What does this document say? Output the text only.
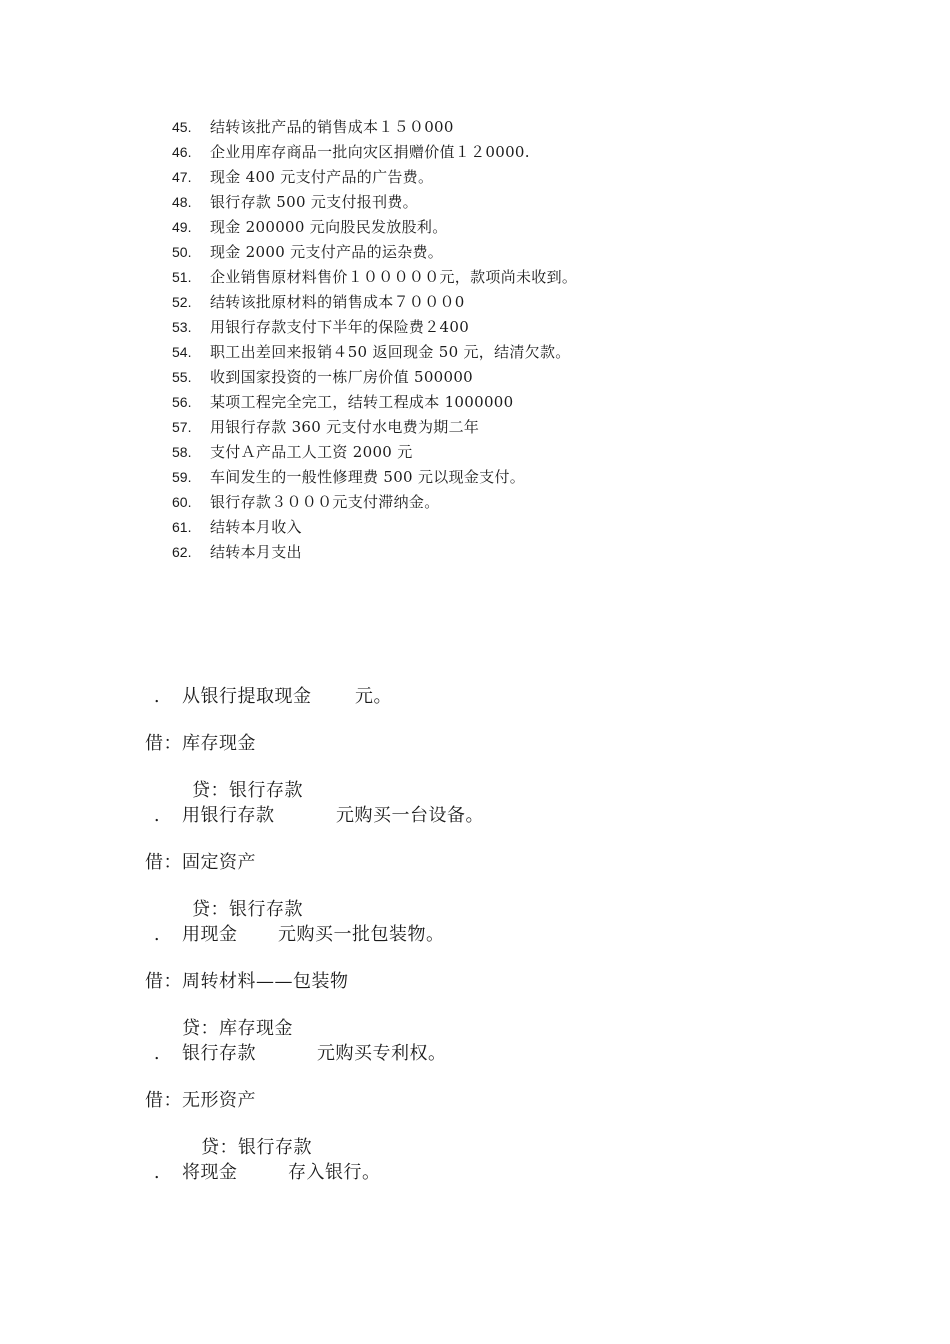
45. 结转该批产品的销售成本１５０000
46. 企业用库存商品一批向灾区捐赠价值１２0000.
47. 现金 400 元支付产品的广告费。
48. 银行存款 500 元支付报刊费。
49. 现金 200000 元向股民发放股利。
50. 现金 2000 元支付产品的运杂费。
51. 企业销售原材料售价１０００００元，款项尚未收到。
52. 结转该批原材料的销售成本７０００0
53. 用银行存款支付下半年的保险费２400
54. 职工出差回来报销４50 返回现金 50 元，结清欠款。
55. 收到国家投资的一栋厂房价值 500000
56. 某项工程完全完工，结转工程成本 1000000
57. 用银行存款 360 元支付水电费为期二年
58. 支付Ａ产品工人工资 2000 元
59. 车间发生的一般性修理费 500 元以现金支付。
60. 银行存款３０００元支付滞纳金。
61. 结转本月收入
62. 结转本月支出
. 从银行提取现金 元。
借：库存现金
贷：银行存款
. 用银行存款	元购买一台设备。
借：固定资产
贷：银行存款
. 用现金 元购买一批包装物。
借：周转材料——包装物
贷：库存现金
. 银行存款	元购买专利权。
借：无形资产
贷：银行存款
. 将现金	存入银行。
